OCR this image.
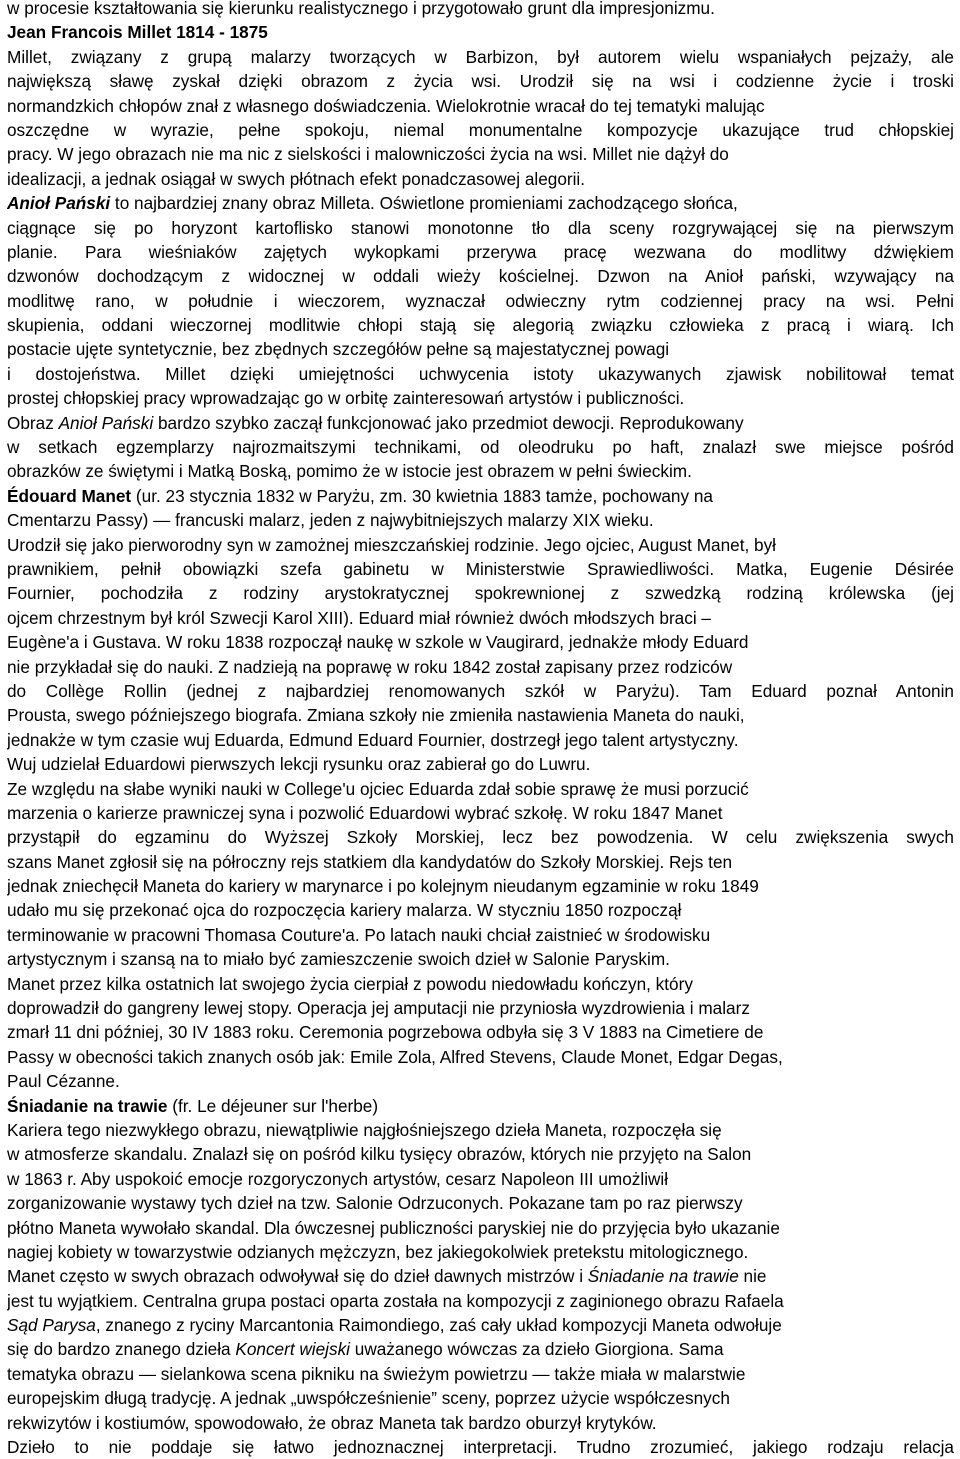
w procesie kształtowania się kierunku realistycznego i przygotowało grunt dla impresjonizmu.
Jean Francois Millet 1814 - 1875
Millet, związany z grupą malarzy tworzących w Barbizon, był autorem wielu wspaniałych pejzaży, ale
największą sławę zyskał dzięki obrazom z życia wsi. Urodził się na wsi i codzienne życie i troski
normandzkich chłopów znał z własnego doświadczenia. Wielokrotnie wracał do tej tematyki malując
oszczędne w wyrazie, pełne spokoju, niemal monumentalne kompozycje ukazujące trud chłopskiej
pracy. W jego obrazach nie ma nic z sielskości i malowniczości życia na wsi. Millet nie dążył do
idealizacji, a jednak osiągał w swych płótnach efekt ponadczasowej alegorii.
Anioł Pański to najbardziej znany obraz Milleta. Oświetlone promieniami zachodzącego słońca,
ciągnące się po horyzont kartoflisko stanowi monotonne tło dla sceny rozgrywającej się na pierwszym
planie. Para wieśniaków zajętych wykopkami przerywa pracę wezwana do modlitwy dźwiękiem
dzwonów dochodzącym z widocznej w oddali wieży kościelnej. Dzwon na Anioł pański, wzywający na
modlitwę rano, w południe i wieczorem, wyznaczał odwieczny rytm codziennej pracy na wsi. Pełni
skupienia, oddani wieczornej modlitwie chłopi stają się alegorią związku człowieka z pracą i wiarą. Ich
postacie ujęte syntetycznie, bez zbędnych szczegółów pełne są majestatycznej powagi
i dostojeństwa. Millet dzięki umiejętności uchwycenia istoty ukazywanych zjawisk nobilitował temat
prostej chłopskiej pracy wprowadzając go w orbitę zainteresowań artystów i publiczności.
Obraz Anioł Pański bardzo szybko zaczął funkcjonować jako przedmiot dewocji. Reprodukowany
w setkach egzemplarzy najrozmaitszymi technikami, od oleodruku po haft, znalazł swe miejsce pośród
obrazków ze świętymi i Matką Boską, pomimo że w istocie jest obrazem w pełni świeckim.
Édouard Manet (ur. 23 stycznia 1832 w Paryżu, zm. 30 kwietnia 1883 tamże, pochowany na
Cmentarzu Passy) — francuski malarz, jeden z najwybitniejszych malarzy XIX wieku.
Urodził się jako pierworodny syn w zamożnej mieszczańskiej rodzinie. Jego ojciec, August Manet, był
prawnikiem, pełnił obowiązki szefa gabinetu w Ministerstwie Sprawiedliwości. Matka, Eugenie Désirée
Fournier, pochodziła z rodziny arystokratycznej spokrewnionej z szwedzką rodziną królewska (jej
ojcem chrzestnym był król Szwecji Karol XIII). Eduard miał również dwóch młodszych braci –
Eugène'a i Gustava. W roku 1838 rozpoczął naukę w szkole w Vaugirard, jednakże młody Eduard
nie przykładał się do nauki. Z nadzieją na poprawę w roku 1842 został zapisany przez rodziców
do Collège Rollin (jednej z najbardziej renomowanych szkół w Paryżu). Tam Eduard poznał Antonin
Prousta, swego późniejszego biografa. Zmiana szkoły nie zmieniła nastawienia Maneta do nauki,
jednakże w tym czasie wuj Eduarda, Edmund Eduard Fournier, dostrzegł jego talent artystyczny.
Wuj udzielał Eduardowi pierwszych lekcji rysunku oraz zabierał go do Luwru.
Ze względu na słabe wyniki nauki w College'u ojciec Eduarda zdał sobie sprawę że musi porzucić
marzenia o karierze prawniczej syna i pozwolić Eduardowi wybrać szkołę. W roku 1847 Manet
przystąpił do egzaminu do Wyższej Szkoły Morskiej, lecz bez powodzenia. W celu zwiększenia swych
szans Manet zgłosił się na półroczny rejs statkiem dla kandydatów do Szkoły Morskiej. Rejs ten
jednak zniechęcił Maneta do kariery w marynarce i po kolejnym nieudanym egzaminie w roku 1849
udało mu się przekonać ojca do rozpoczęcia kariery malarza. W styczniu 1850 rozpoczął
terminowanie w pracowni Thomasa Couture'a. Po latach nauki chciał zaistnieć w środowisku
artystycznym i szansą na to miało być zamieszczenie swoich dzieł w Salonie Paryskim.
Manet przez kilka ostatnich lat swojego życia cierpiał z powodu niedowładu kończyn, który
doprowadził do gangreny lewej stopy. Operacja jej amputacji nie przyniosła wyzdrowienia i malarz
zmarł 11 dni później, 30 IV 1883 roku. Ceremonia pogrzebowa odbyła się 3 V 1883 na Cimetiere de
Passy w obecności takich znanych osób jak: Emile Zola, Alfred Stevens, Claude Monet, Edgar Degas,
Paul Cézanne.
Śniadanie na trawie (fr. Le déjeuner sur l'herbe)
Kariera tego niezwykłego obrazu, niewątpliwie najgłośniejszego dzieła Maneta, rozpoczęła się
w atmosferze skandalu. Znalazł się on pośród kilku tysięcy obrazów, których nie przyjęto na Salon
w 1863 r. Aby uspokoić emocje rozgoryczonych artystów, cesarz Napoleon III umożliwił
zorganizowanie wystawy tych dzieł na tzw. Salonie Odrzuconych. Pokazane tam po raz pierwszy
płótno Maneta wywołało skandal. Dla ówczesnej publiczności paryskiej nie do przyjęcia było ukazanie
nagiej kobiety w towarzystwie odzianych mężczyzn, bez jakiegokolwiek pretekstu mitologicznego.
Manet często w swych obrazach odwoływał się do dzieł dawnych mistrzów i Śniadanie na trawie nie
jest tu wyjątkiem. Centralna grupa postaci oparta została na kompozycji z zaginionego obrazu Rafaela
Sąd Parysa, znanego z ryciny Marcantonia Raimondiego, zaś cały układ kompozycji Maneta odwołuje
się do bardzo znanego dzieła Koncert wiejski uważanego wówczas za dzieło Giorgiona. Sama
tematyka obrazu — sielankowa scena pikniku na świeżym powietrzu — także miała w malarstwie
europejskim długą tradycję. A jednak „uwspółcześnienie” sceny, poprzez użycie współczesnych
rekwizytów i kostiumów, spowodowało, że obraz Maneta tak bardzo oburzył krytyków.
Dzieło to nie poddaje się łatwo jednoznacznej interpretacji. Trudno zrozumieć, jakiego rodzaju relacja
